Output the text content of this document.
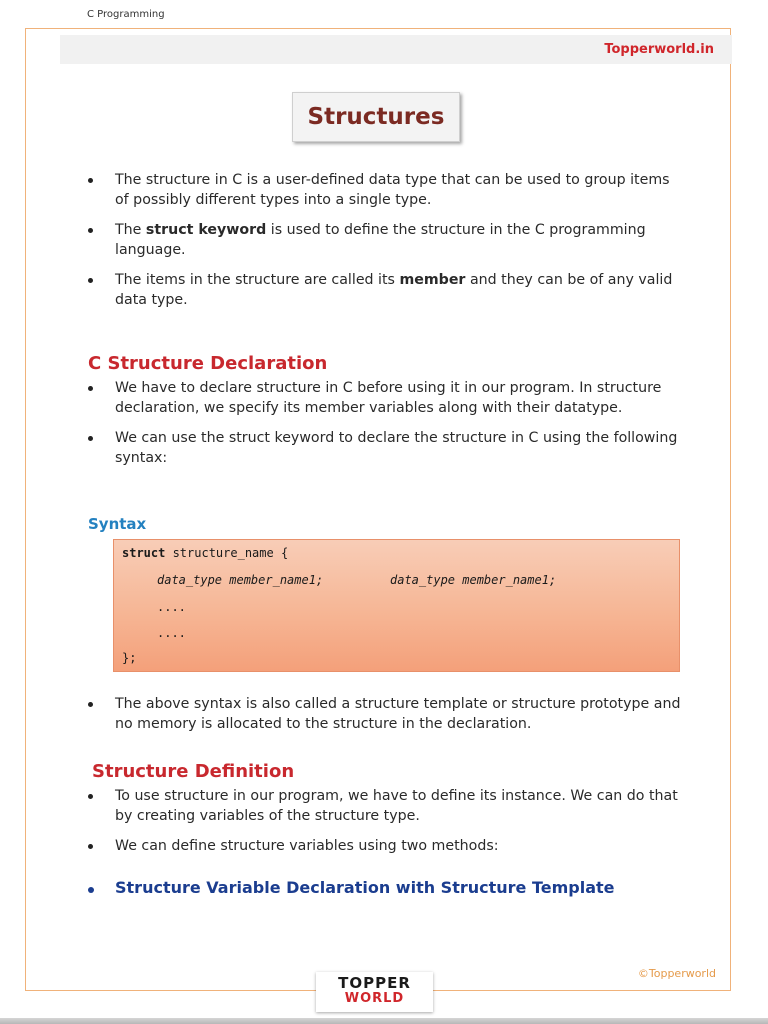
C Programming
Topperworld.in
Structures
The structure in C is a user-defined data type that can be used to group items of possibly different types into a single type.
The struct keyword is used to define the structure in the C programming language.
The items in the structure are called its member and they can be of any valid data type.
C Structure Declaration
We have to declare structure in C before using it in our program. In structure declaration, we specify its member variables along with their datatype.
We can use the struct keyword to declare the structure in C using the following syntax:
Syntax
struct structure_name {
data_type member_name1;	data_type member_name1;
....
....
};
The above syntax is also called a structure template or structure prototype and no memory is allocated to the structure in the declaration.
Structure Definition
To use structure in our program, we have to define its instance. We can do that by creating variables of the structure type.
We can define structure variables using two methods:
Structure Variable Declaration with Structure Template
©Topperworld
TOPPER
WORLD
